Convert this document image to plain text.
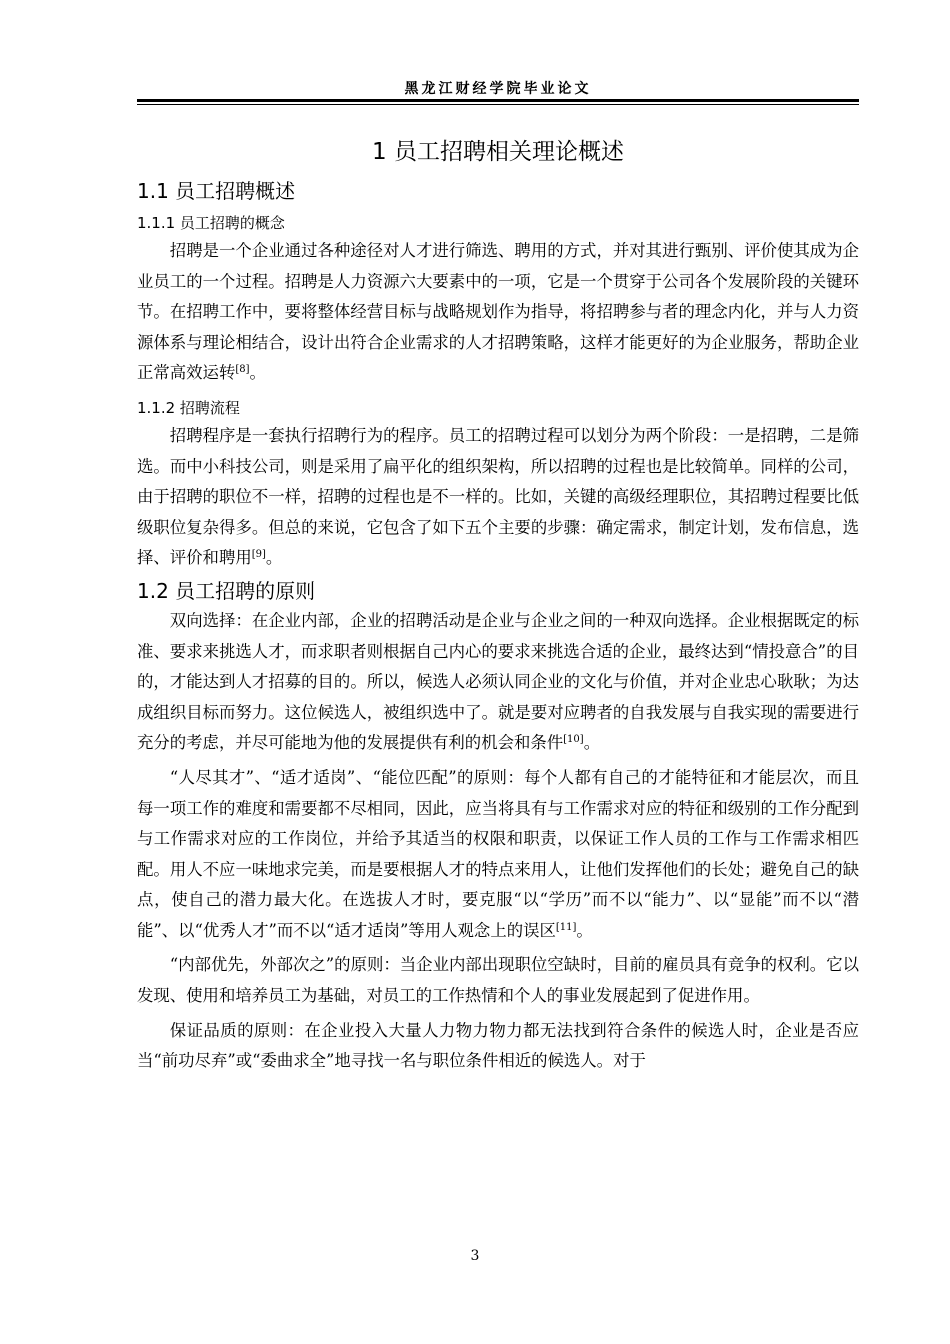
黑龙江财经学院毕业论文
1 员工招聘相关理论概述
1.1 员工招聘概述
1.1.1 员工招聘的概念

招聘是一个企业通过各种途径对人才进行筛选、聘用的方式，并对其进行甄别、评价使其成为企业员工的一个过程。招聘是人力资源六大要素中的一项，它是一个贯穿于公司各个发展阶段的关键环节。在招聘工作中，要将整体经营目标与战略规划作为指导，将招聘参与者的理念内化，并与人力资源体系与理论相结合，设计出符合企业需求的人才招聘策略，这样才能更好的为企业服务，帮助企业正常高效运转[8]。

1.1.2 招聘流程

招聘程序是一套执行招聘行为的程序。员工的招聘过程可以划分为两个阶段：一是招聘，二是筛选。而中小科技公司，则是采用了扁平化的组织架构，所以招聘的过程也是比较简单。同样的公司，由于招聘的职位不一样，招聘的过程也是不一样的。比如，关键的高级经理职位，其招聘过程要比低级职位复杂得多。但总的来说，它包含了如下五个主要的步骤：确定需求，制定计划，发布信息，选择、评价和聘用[9]。

1.2 员工招聘的原则

双向选择：在企业内部，企业的招聘活动是企业与企业之间的一种双向选择。企业根据既定的标准、要求来挑选人才，而求职者则根据自己内心的要求来挑选合适的企业，最终达到“情投意合”的目的，才能达到人才招募的目的。所以，候选人必须认同企业的文化与价值，并对企业忠心耿耿；为达成组织目标而努力。这位候选人，被组织选中了。就是要对应聘者的自我发展与自我实现的需要进行充分的考虑，并尽可能地为他的发展提供有利的机会和条件[10]。

“人尽其才”、“适才适岗”、“能位匹配”的原则：每个人都有自己的才能特征和才能层次，而且每一项工作的难度和需要都不尽相同，因此，应当将具有与工作需求对应的特征和级别的工作分配到与工作需求对应的工作岗位，并给予其适当的权限和职责，以保证工作人员的工作与工作需求相匹配。用人不应一味地求完美，而是要根据人才的特点来用人，让他们发挥他们的长处；避免自己的缺点，使自己的潜力最大化。在选拔人才时，要克服“以“学历”而不以“能力”、以“显能”而不以“潜能”、以“优秀人才”而不以“适才适岗”等用人观念上的误区[11]。

“内部优先，外部次之”的原则：当企业内部出现职位空缺时，目前的雇员具有竞争的权利。它以发现、使用和培养员工为基础，对员工的工作热情和个人的事业发展起到了促进作用。

保证品质的原则：在企业投入大量人力物力物力都无法找到符合条件的候选人时，企业是否应当“前功尽弃”或“委曲求全”地寻找一名与职位条件相近的候选人。对于

3
